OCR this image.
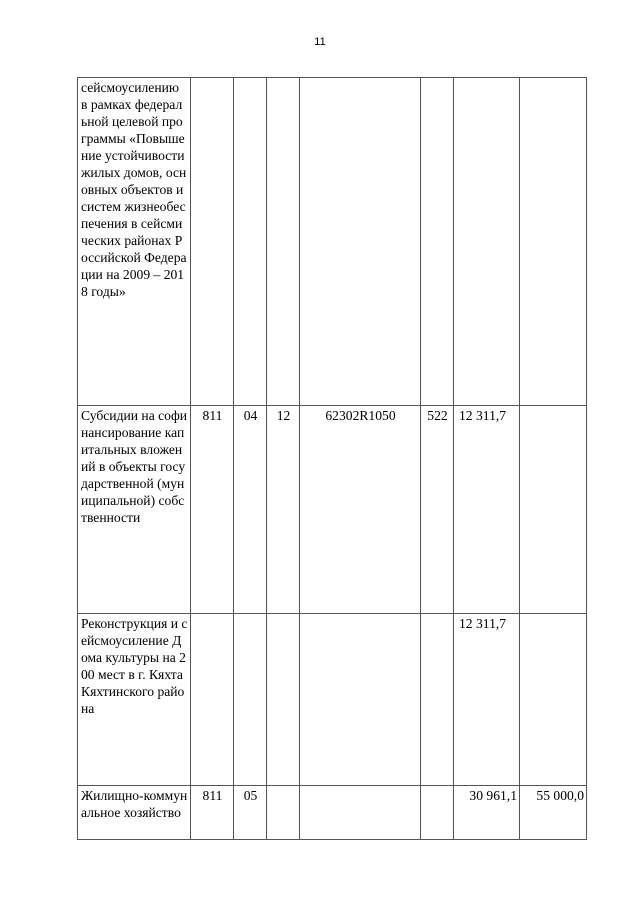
11
сейсмоусилению в рамках федеральной целевой программы «Повышение устойчивости жилых домов, основных объектов и систем жизнеобеспечения в сейсмических районах Российской Федерации на 2009 – 2018 годы»							
Субсидии на софинансирование капитальных вложений в объекты государственной (муниципальной) собственности	811	04	12	62302R1050	522	12 311,7	
Реконструкция и сейсмоусиление Дома культуры на 200 мест в г. Кяхта Кяхтинского района						12 311,7	
Жилищно-коммунальное хозяйство	811	05				30 961,1	55 000,0
